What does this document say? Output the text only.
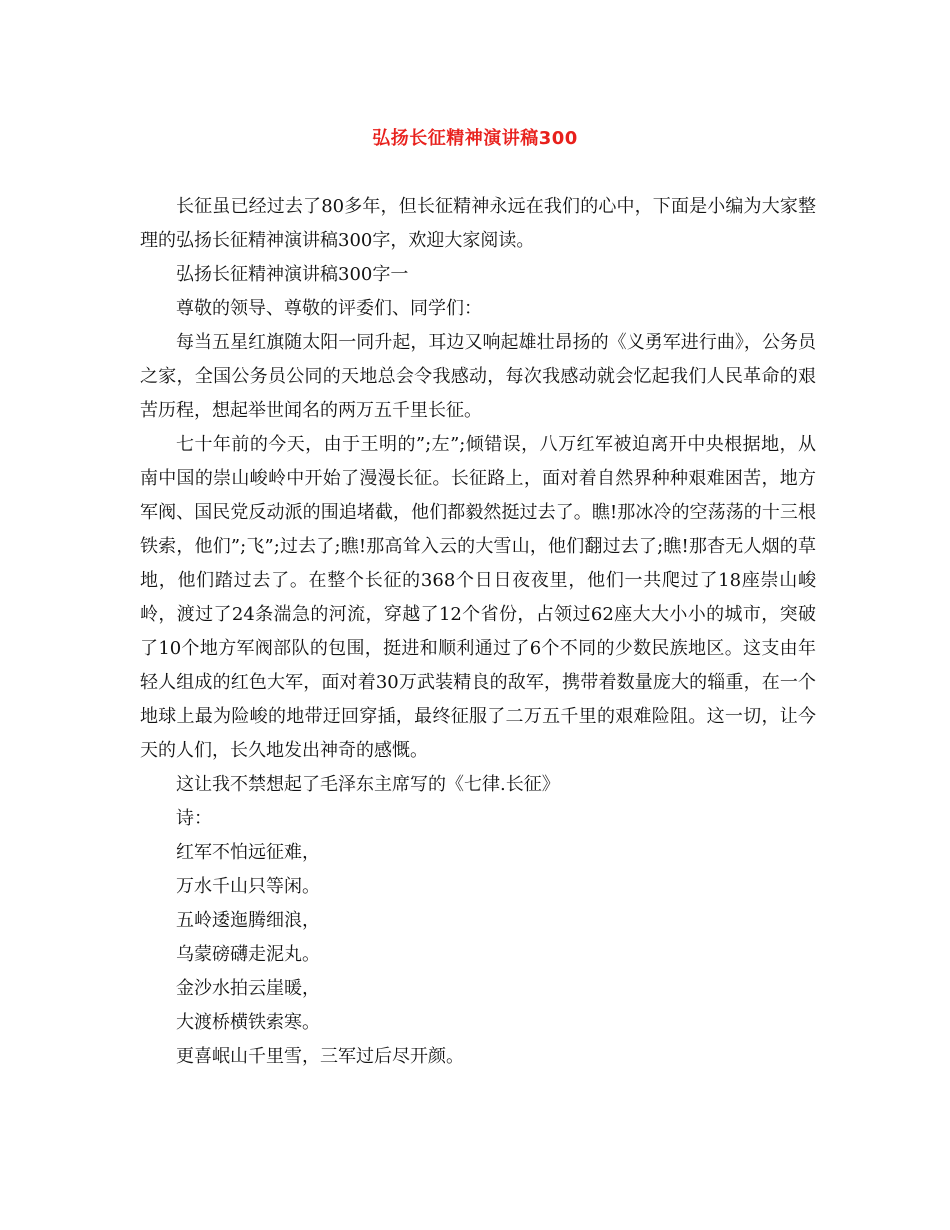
弘扬长征精神演讲稿300

长征虽已经过去了80多年，但长征精神永远在我们的心中，下面是小编为大家整理的弘扬长征精神演讲稿300字，欢迎大家阅读。

弘扬长征精神演讲稿300字一

尊敬的领导、尊敬的评委们、同学们：

每当五星红旗随太阳一同升起，耳边又响起雄壮昂扬的《义勇军进行曲》，公务员之家，全国公务员公同的天地总会令我感动，每次我感动就会忆起我们人民革命的艰苦历程，想起举世闻名的两万五千里长征。

七十年前的今天，由于王明的”;左”;倾错误，八万红军被迫离开中央根据地，从南中国的崇山峻岭中开始了漫漫长征。长征路上，面对着自然界种种艰难困苦，地方军阀、国民党反动派的围追堵截，他们都毅然挺过去了。瞧!那冰冷的空荡荡的十三根铁索，他们”;飞”;过去了;瞧!那高耸入云的大雪山，他们翻过去了;瞧!那杳无人烟的草地，他们踏过去了。在整个长征的368个日日夜夜里，他们一共爬过了18座崇山峻岭，渡过了24条湍急的河流，穿越了12个省份，占领过62座大大小小的城市，突破了10个地方军阀部队的包围，挺进和顺利通过了6个不同的少数民族地区。这支由年轻人组成的红色大军，面对着30万武装精良的敌军，携带着数量庞大的辎重，在一个地球上最为险峻的地带迂回穿插，最终征服了二万五千里的艰难险阻。这一切，让今天的人们，长久地发出神奇的感慨。

这让我不禁想起了毛泽东主席写的《七律.长征》

诗：

红军不怕远征难，

万水千山只等闲。

五岭逶迤腾细浪，

乌蒙磅礴走泥丸。

金沙水拍云崖暖，

大渡桥横铁索寒。

更喜岷山千里雪，三军过后尽开颜。
